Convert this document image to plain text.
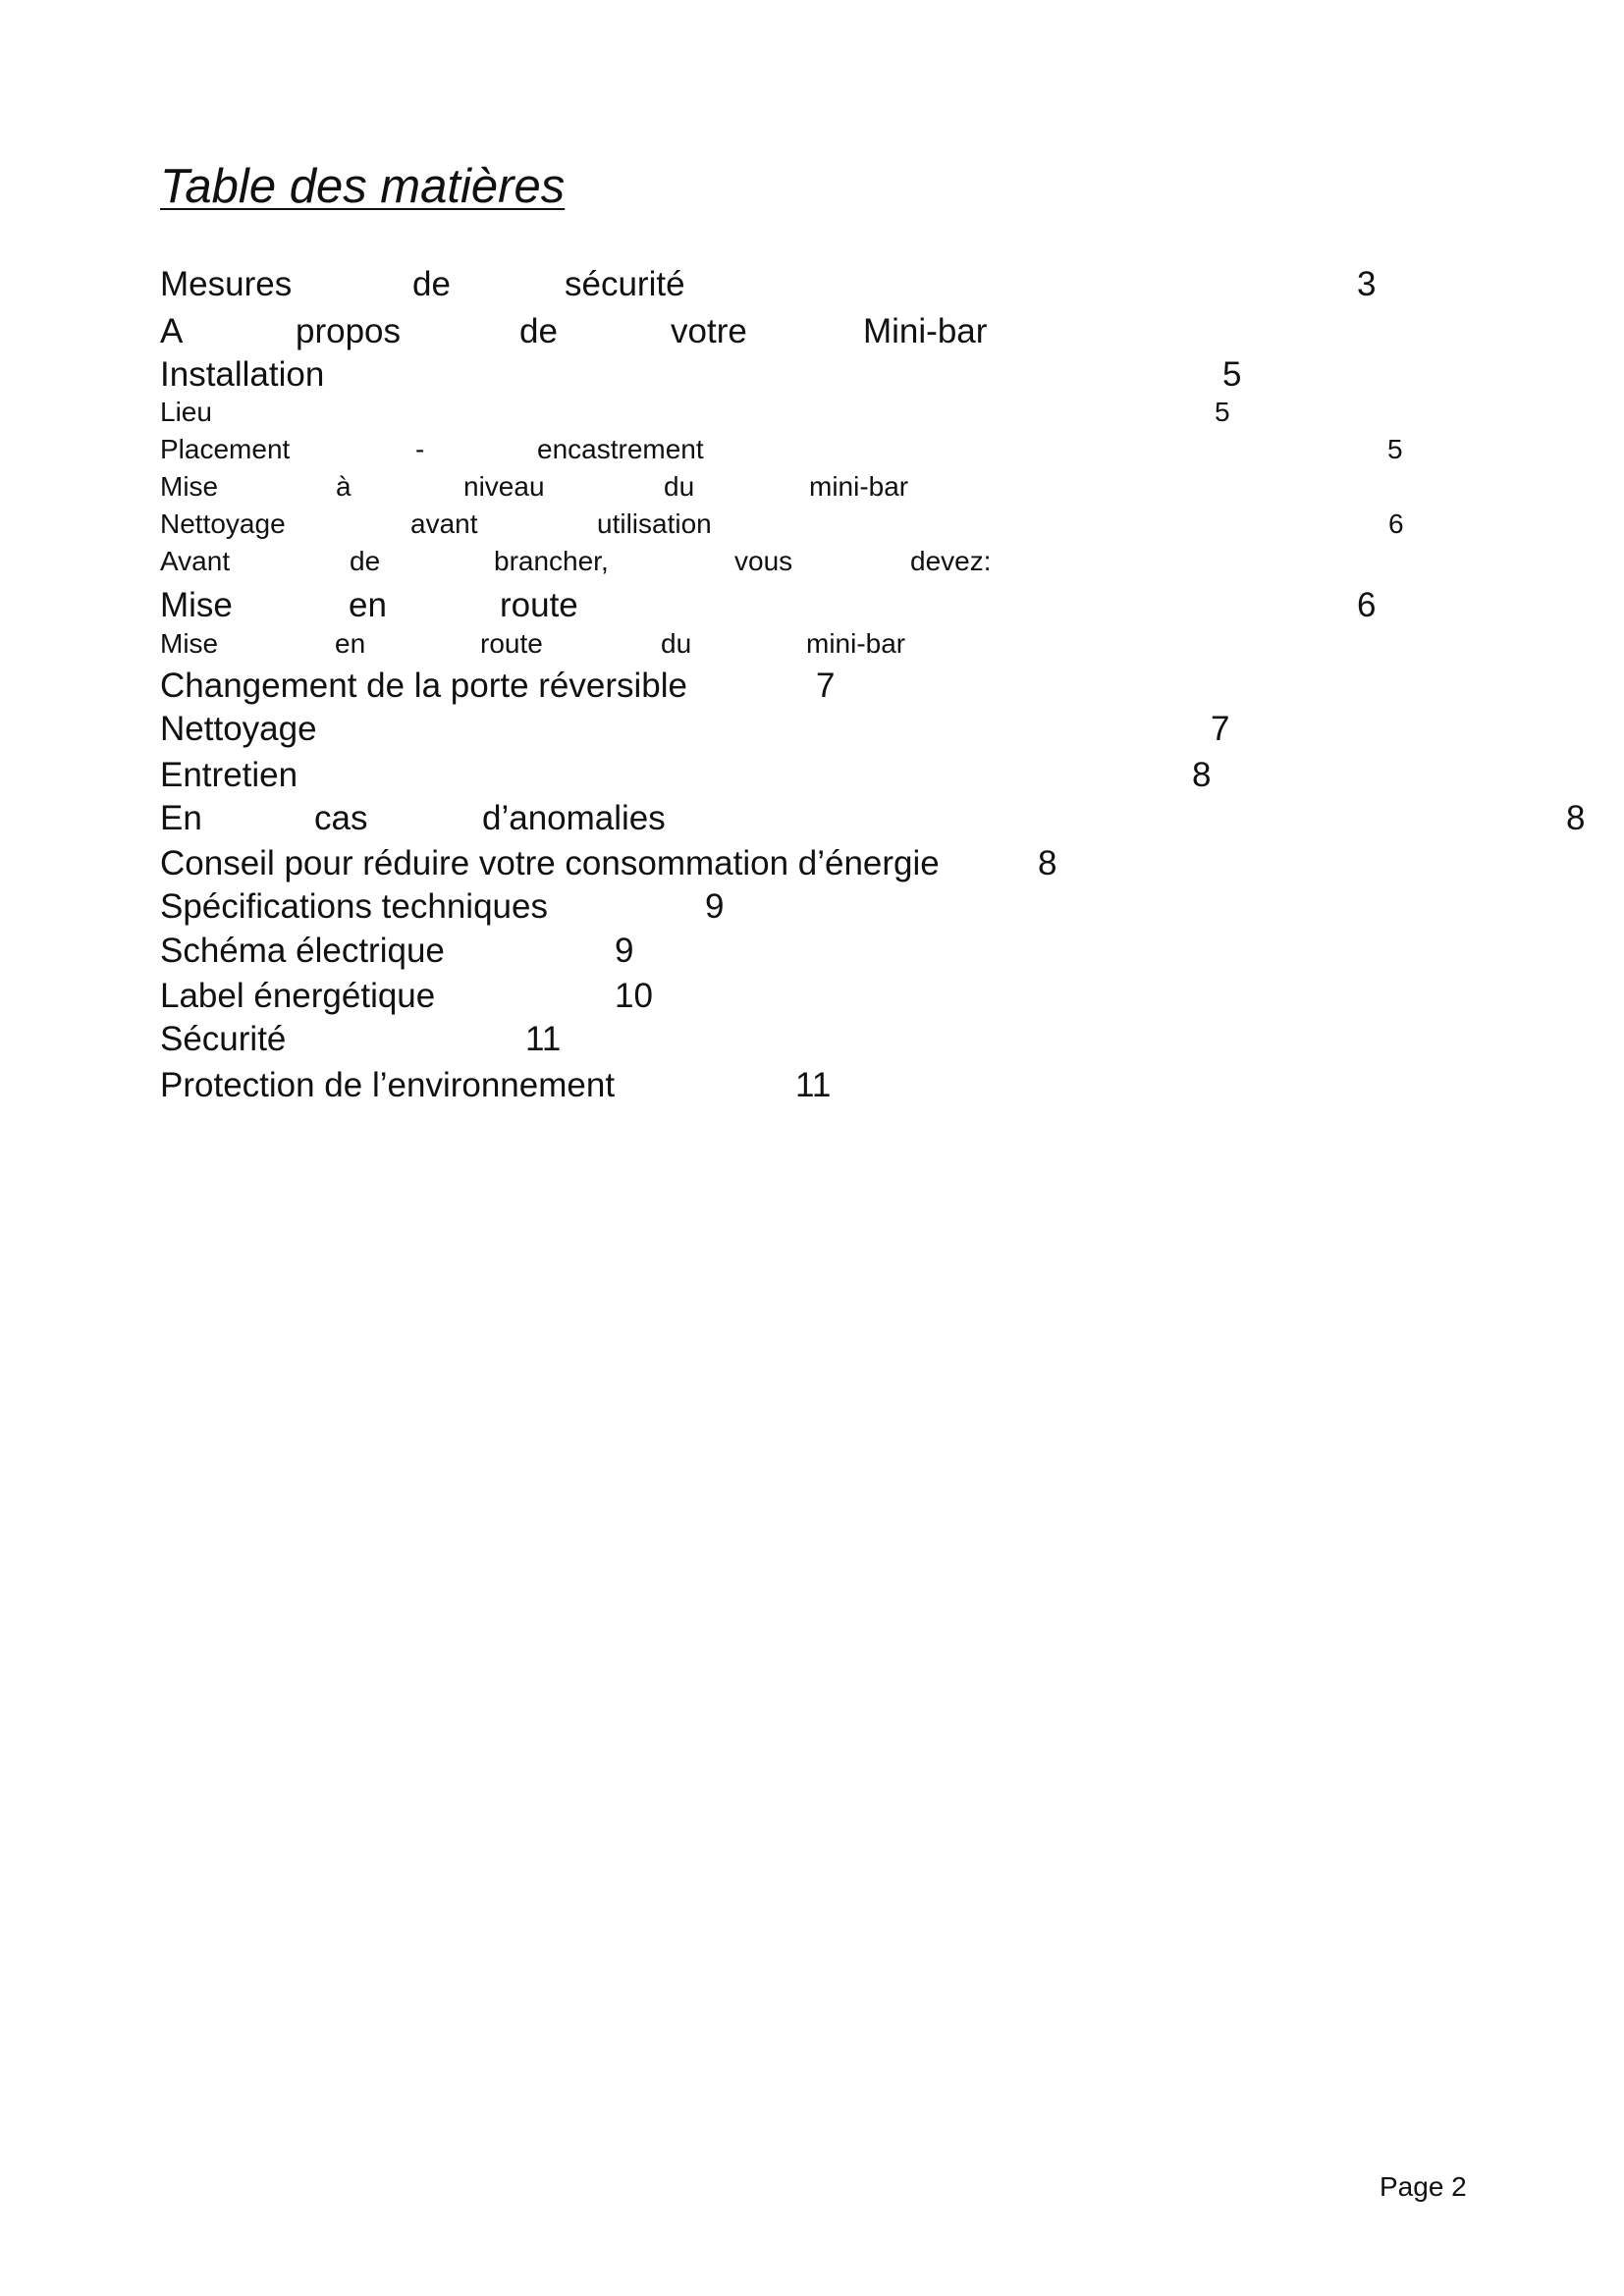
Table des matières
Mesures	de	sécurité	3
A	propos	de	votre	Mini-bar
Installation	5
Lieu	5
Placement	-	encastrement	5
Mise	à	niveau	du	mini-bar
Nettoyage	avant	utilisation	6
Avant	de	brancher,	vous	devez:
Mise	en	route	6
Mise	en	route	du	mini-bar
Changement de la porte réversible	7
Nettoyage	7
Entretien	8
En	cas	d’anomalies	8
Conseil pour réduire votre consommation d’énergie	8
Spécifications techniques	9
Schéma électrique	9
Label énergétique	10
Sécurité	11
Protection de l’environnement	11
Page 2
